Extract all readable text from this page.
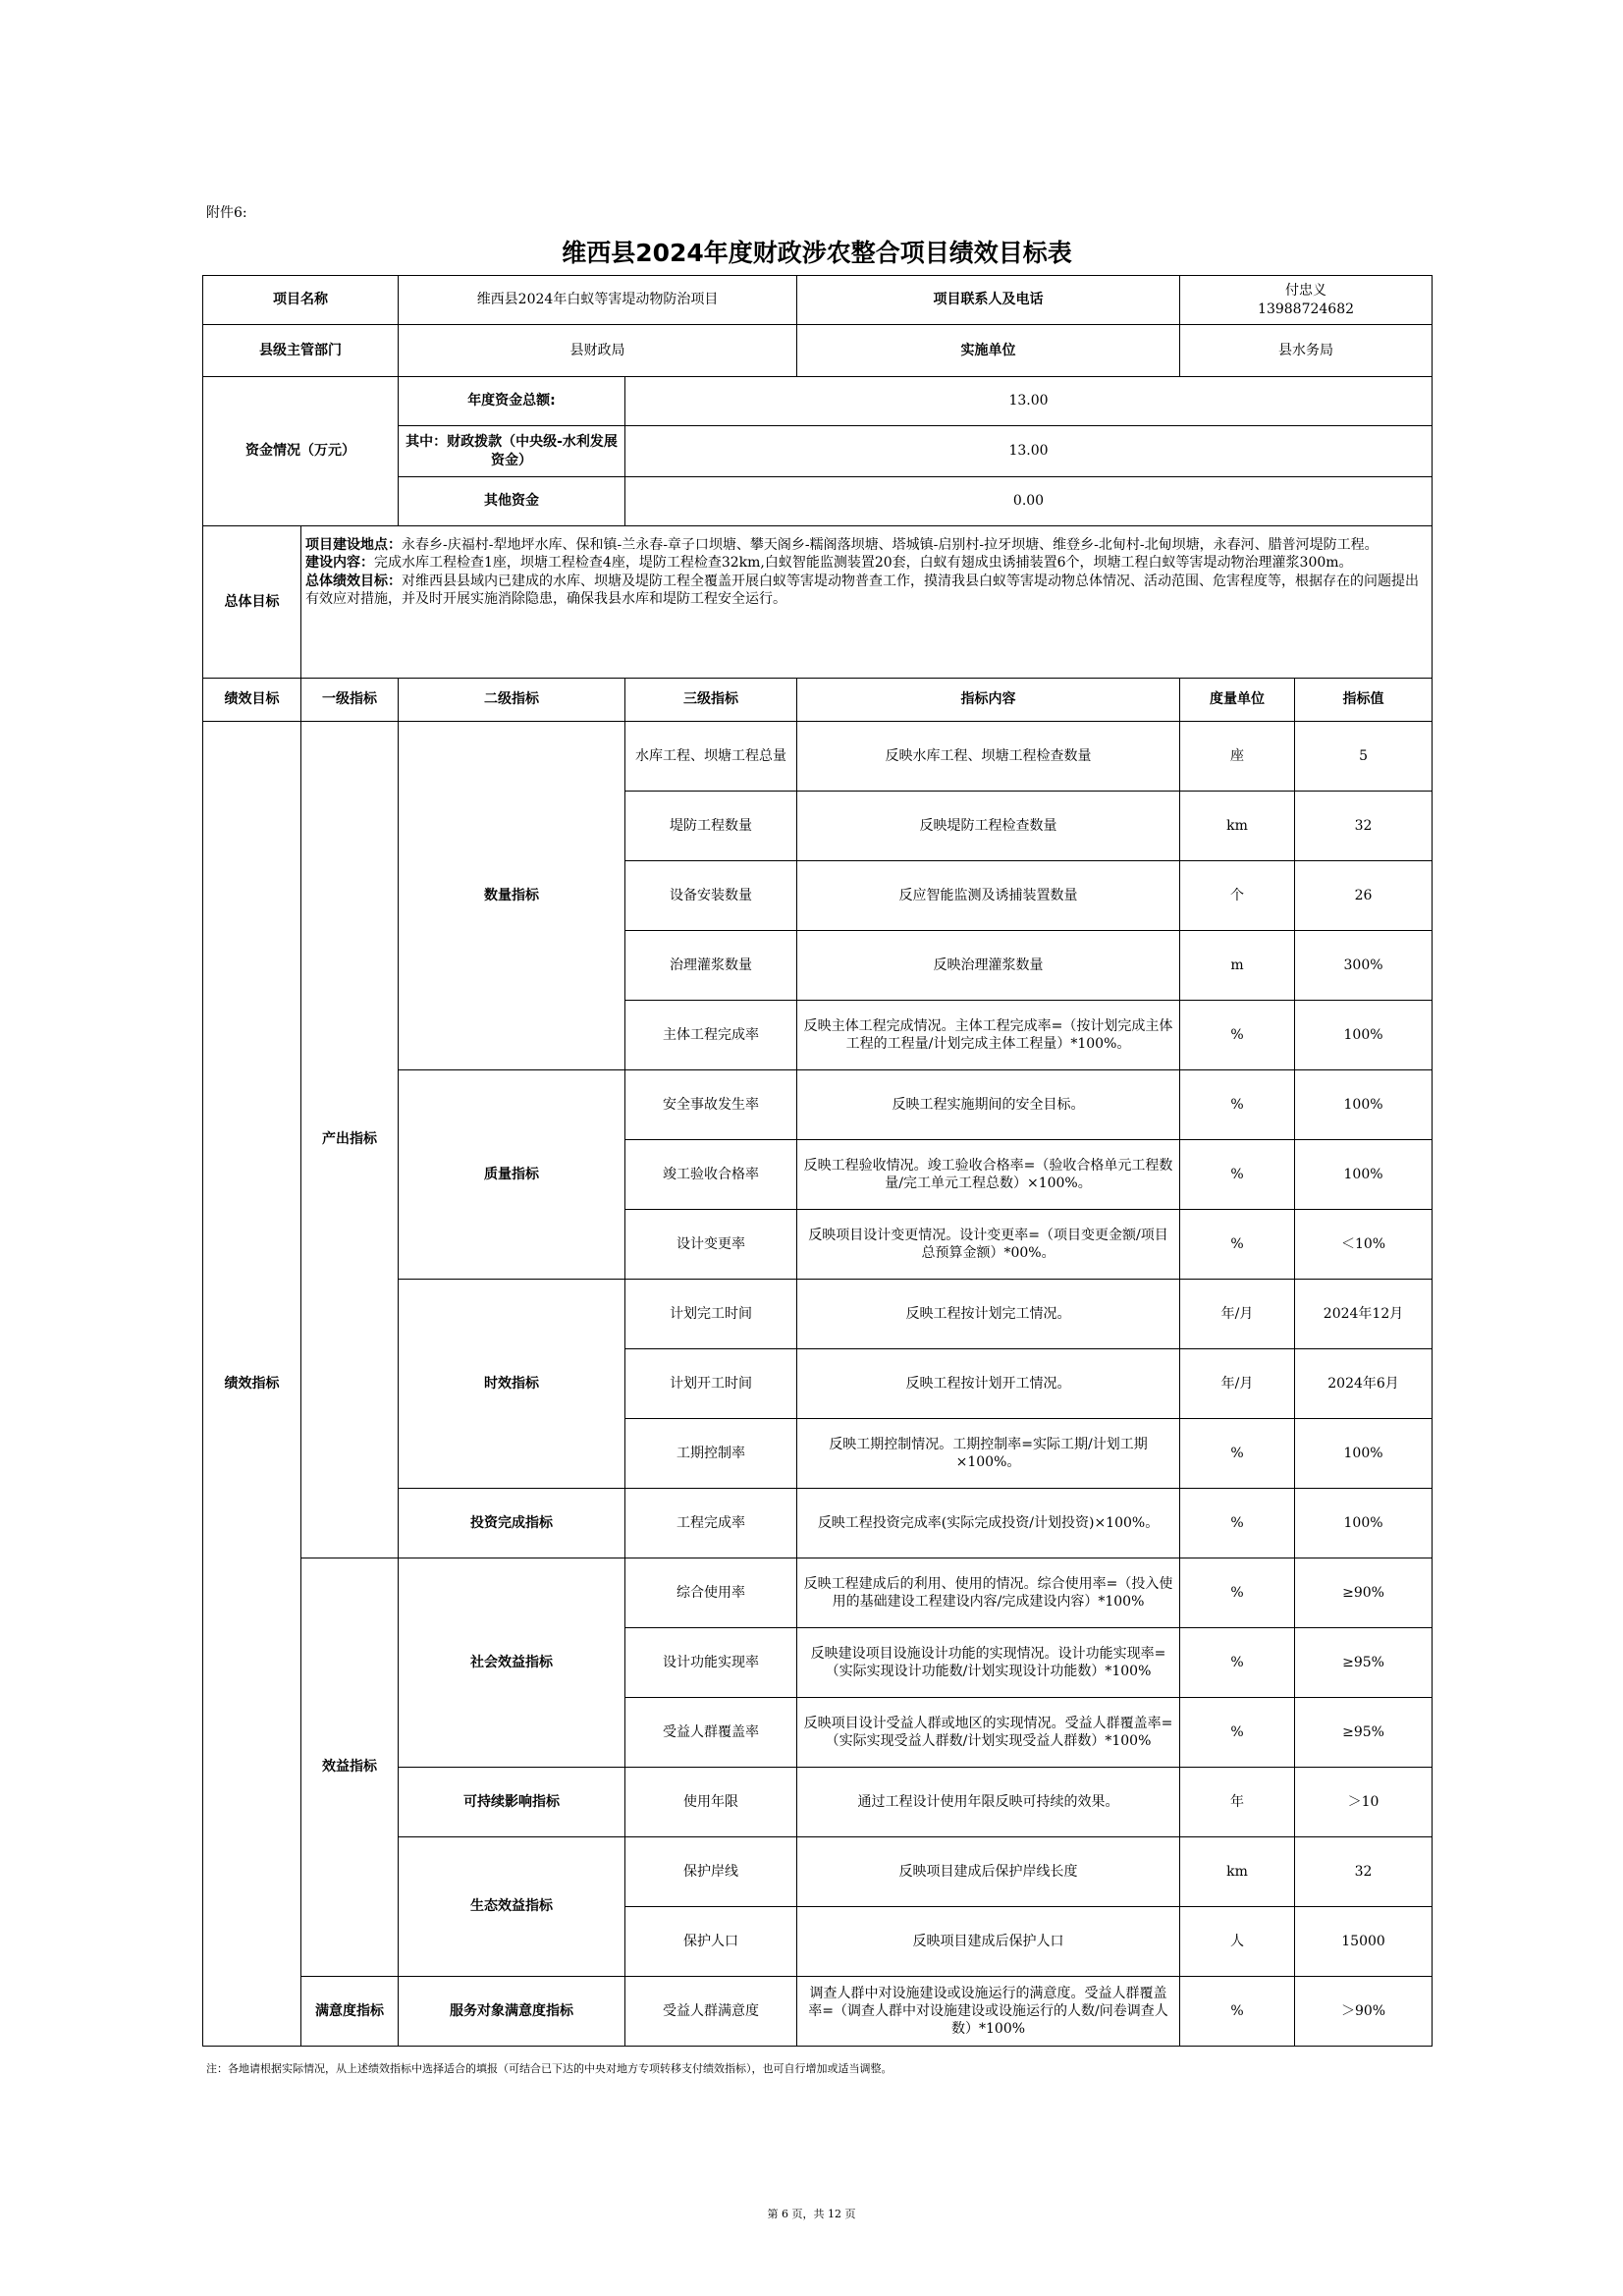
附件6:
维西县2024年度财政涉农整合项目绩效目标表
项目名称		维西县2024年白蚁等害堤动物防治项目		项目联系人及电话	付忠义
13988724682	

县级主管部门		县财政局		实施单位	县水务局	
资金情况（万元）		年度资金总额:	13.00			
		其中：财政拨款（中央级-水利发展资金）	13.00			
		其他资金	0.00			
总体目标	项目建设地点：永春乡-庆福村-犁地坪水库、保和镇-兰永春-章子口坝塘、攀天阁乡-糯阁落坝塘、塔城镇-启别村-拉牙坝塘、维登乡-北甸村-北甸坝塘，永春河、腊普河堤防工程。
建设内容：完成水库工程检查1座，坝塘工程检查4座，堤防工程检查32km,白蚁智能监测装置20套，白蚁有翅成虫诱捕装置6个，坝塘工程白蚁等害堤动物治理灌浆300m。
总体绩效目标：对维西县县域内已建成的水库、坝塘及堤防工程全覆盖开展白蚁等害堤动物普查工作，摸清我县白蚁等害堤动物总体情况、活动范围、危害程度等，根据存在的问题提出有效应对措施，并及时开展实施消除隐患，确保我县水库和堤防工程安全运行。					
绩效目标	一级指标	二级指标	三级指标	指标内容	度量单位	指标值
绩效指标	产出指标	数量指标	水库工程、坝塘工程总量	反映水库工程、坝塘工程检查数量	座	5
			堤防工程数量	反映堤防工程检查数量	km	32
			设备安装数量	反应智能监测及诱捕装置数量	个	26
			治理灌浆数量	反映治理灌浆数量	m	300%
			主体工程完成率	反映主体工程完成情况。主体工程完成率=（按计划完成主体工程的工程量/计划完成主体工程量）*100%。	%	100%
		质量指标	安全事故发生率	反映工程实施期间的安全目标。	%	100%
			竣工验收合格率	反映工程验收情况。竣工验收合格率=（验收合格单元工程数量/完工单元工程总数）×100%。	%	100%
			设计变更率	反映项目设计变更情况。设计变更率=（项目变更金额/项目总预算金额）*00%。	%	＜10%
		时效指标	计划完工时间	反映工程按计划完工情况。	年/月	2024年12月
			计划开工时间	反映工程按计划开工情况。	年/月	2024年6月
			工期控制率	反映工期控制情况。工期控制率=实际工期/计划工期×100%。	%	100%
		投资完成指标	工程完成率	反映工程投资完成率(实际完成投资/计划投资)×100%。	%	100%
	效益指标	社会效益指标	综合使用率	反映工程建成后的利用、使用的情况。综合使用率=（投入使用的基础建设工程建设内容/完成建设内容）*100%	%	≥90%
			设计功能实现率	反映建设项目设施设计功能的实现情况。设计功能实现率=（实际实现设计功能数/计划实现设计功能数）*100%	%	≥95%
			受益人群覆盖率	反映项目设计受益人群或地区的实现情况。受益人群覆盖率=（实际实现受益人群数/计划实现受益人群数）*100%	%	≥95%
		可持续影响指标	使用年限	通过工程设计使用年限反映可持续的效果。	年	＞10
		生态效益指标	保护岸线	反映项目建成后保护岸线长度	km	32
			保护人口	反映项目建成后保护人口	人	15000
	满意度指标	服务对象满意度指标	受益人群满意度	调查人群中对设施建设或设施运行的满意度。受益人群覆盖率=（调查人群中对设施建设或设施运行的人数/问卷调查人数）*100%	%	＞90%
注：各地请根据实际情况，从上述绩效指标中选择适合的填报（可结合已下达的中央对地方专项转移支付绩效指标），也可自行增加或适当调整。
第 6 页，共 12 页
